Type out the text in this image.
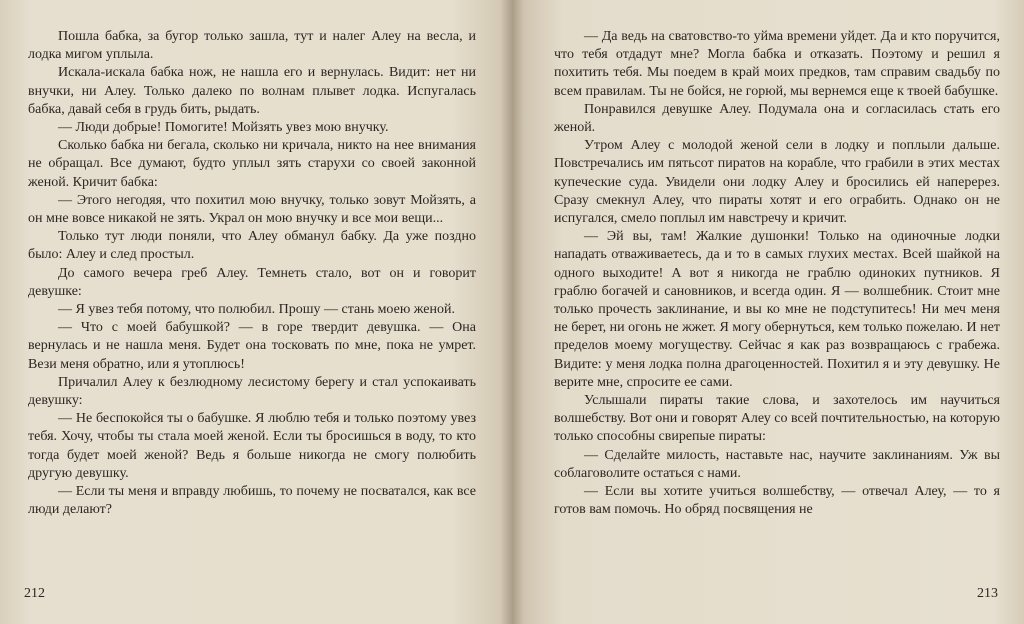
Пошла бабка, за бугор только зашла, тут и налег Алеу на весла, и лодка мигом уплыла.

Искала-искала бабка нож, не нашла его и вернулась. Видит: нет ни внучки, ни Алеу. Только далеко по волнам плывет лодка. Испугалась бабка, давай себя в грудь бить, рыдать.

— Люди добрые! Помогите! Мойзять увез мою внучку.

Сколько бабка ни бегала, сколько ни кричала, никто на нее внимания не обращал. Все думают, будто уплыл зять старухи со своей законной женой. Кричит бабка:

— Этого негодяя, что похитил мою внучку, только зовут Мойзять, а он мне вовсе никакой не зять. Украл он мою внучку и все мои вещи...

Только тут люди поняли, что Алеу обманул бабку. Да уже поздно было: Алеу и след простыл.

До самого вечера греб Алеу. Темнеть стало, вот он и говорит девушке:

— Я увез тебя потому, что полюбил. Прошу — стань моею женой.

— Что с моей бабушкой? — в горе твердит девушка. — Она вернулась и не нашла меня. Будет она тосковать по мне, пока не умрет. Вези меня обратно, или я утоплюсь!

Причалил Алеу к безлюдному лесистому берегу и стал успокаивать девушку:

— Не беспокойся ты о бабушке. Я люблю тебя и только поэтому увез тебя. Хочу, чтобы ты стала моей женой. Если ты бросишься в воду, то кто тогда будет моей женой? Ведь я больше никогда не смогу полюбить другую девушку.

— Если ты меня и вправду любишь, то почему не посватался, как все люди делают?

212

— Да ведь на сватовство-то уйма времени уйдет. Да и кто поручится, что тебя отдадут мне? Могла бабка и отказать. Поэтому и решил я похитить тебя. Мы поедем в край моих предков, там справим свадьбу по всем правилам. Ты не бойся, не горюй, мы вернемся еще к твоей бабушке.

Понравился девушке Алеу. Подумала она и согласилась стать его женой.

Утром Алеу с молодой женой сели в лодку и поплыли дальше. Повстречались им пятьсот пиратов на корабле, что грабили в этих местах купеческие суда. Увидели они лодку Алеу и бросились ей наперерез. Сразу смекнул Алеу, что пираты хотят и его ограбить. Однако он не испугался, смело поплыл им навстречу и кричит.

— Эй вы, там! Жалкие душонки! Только на одиночные лодки нападать отваживаетесь, да и то в самых глухих местах. Всей шайкой на одного выходите! А вот я никогда не граблю одиноких путников. Я граблю богачей и сановников, и всегда один. Я — волшебник. Стоит мне только прочесть заклинание, и вы ко мне не подступитесь! Ни меч меня не берет, ни огонь не жжет. Я могу обернуться, кем только пожелаю. И нет пределов моему могуществу. Сейчас я как раз возвращаюсь с грабежа. Видите: у меня лодка полна драгоценностей. Похитил я и эту девушку. Не верите мне, спросите ее сами.

Услышали пираты такие слова, и захотелось им научиться волшебству. Вот они и говорят Алеу со всей почтительностью, на которую только способны свирепые пираты:

— Сделайте милость, наставьте нас, научите заклинаниям. Уж вы соблаговолите остаться с нами.

— Если вы хотите учиться волшебству, — отвечал Алеу, — то я готов вам помочь. Но обряд посвящения не

213
